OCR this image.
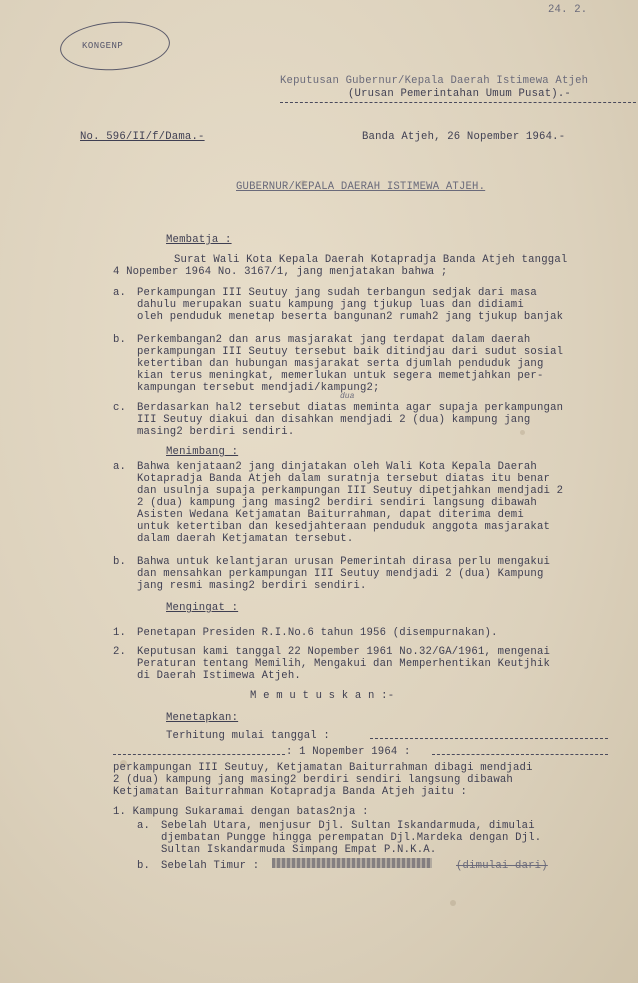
KONGENP
24. 2.
Keputusan Gubernur/Kepala Daerah Istimewa Atjeh
(Urusan Pemerintahan Umum Pusat).-
No. 596/II/f/Dama.-	Banda Atjeh, 26 Nopember 1964.-
GUBERNUR/KEPALA DAERAH ISTIMEWA ATJEH.
Membatja :
Surat Wali Kota Kepala Daerah Kotapradja Banda Atjeh tanggal
4 Nopember 1964 No. 3167/1, jang menjatakan bahwa ;
a. Perkampungan III Seutuy jang sudah terbangun sedjak dari masa
dahulu merupakan suatu kampung jang tjukup luas dan didiami
oleh penduduk menetap beserta bangunan2 rumah2 jang tjukup banjak
b. Perkembangan2 dan arus masjarakat jang terdapat dalam daerah
perkampungan III Seutuy tersebut baik ditindjau dari sudut sosial
ketertiban dan hubungan masjarakat serta djumlah penduduk jang
kian terus meningkat, memerlukan untuk segera memetjahkan per-
kampungan tersebut mendjadi/kampung2;
dua
c. Berdasarkan hal2 tersebut diatas meminta agar supaja perkampungan
III Seutuy diakui dan disahkan mendjadi 2 (dua) kampung jang
masing2 berdiri sendiri.
Menimbang :
a. Bahwa kenjataan2 jang dinjatakan oleh Wali Kota Kepala Daerah
Kotapradja Banda Atjeh dalam suratnja tersebut diatas itu benar
dan usulnja supaja perkampungan III Seutuy dipetjahkan mendjadi 2
2 (dua) kampung jang masing2 berdiri sendiri langsung dibawah
Asisten Wedana Ketjamatan Baiturrahman, dapat diterima demi
untuk ketertiban dan kesedjahteraan penduduk anggota masjarakat
dalam daerah Ketjamatan tersebut.
b. Bahwa untuk kelantjaran urusan Pemerintah dirasa perlu mengakui
dan mensahkan perkampungan III Seutuy mendjadi 2 (dua) Kampung
jang resmi masing2 berdiri sendiri.
Mengingat :
1. Penetapan Presiden R.I.No.6 tahun 1956 (disempurnakan).
2. Keputusan kami tanggal 22 Nopember 1961 No.32/GA/1961, mengenai
Peraturan tentang Memilih, Mengakui dan Memperhentikan Keutjhik
di Daerah Istimewa Atjeh.
M e m u t u s k a n :-
Menetapkan:
Terhitung mulai tanggal :
: 1 Nopember 1964 :
perkampungan III Seutuy, Ketjamatan Baiturrahman dibagi mendjadi
2 (dua) kampung jang masing2 berdiri sendiri langsung dibawah
Ketjamatan Baiturrahman Kotapradja Banda Atjeh jaitu :
1. Kampung Sukaramai dengan batas2nja :
a. Sebelah Utara, menjusur Djl. Sultan Iskandarmuda, dimulai
djembatan Pungge hingga perempatan Djl.Mardeka dengan Djl.
Sultan Iskandarmuda Simpang Empat P.N.K.A.
b. Sebelah Timur :	(dimulai dari)
